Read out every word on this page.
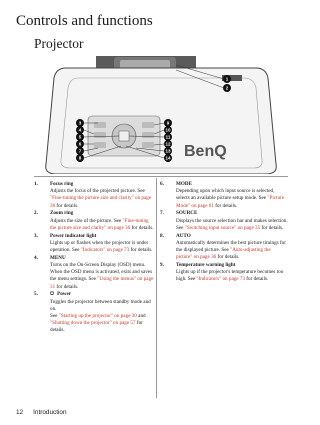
Controls and functions
Projector
BenQ
1
2
3
4
5
6
7
8
9
10
11
12
13
14
1. Focus ring
Adjusts the focus of the projected picture. See "Fine-tuning the picture size and clarity" on page 36 for details.
2. Zoom ring
Adjusts the size of the picture. See "Fine-tuning the picture size and clarity" on page 36 for details.
3. Power indicator light
Lights up or flashes when the projector is under operation. See "Indicators" on page 73 for details.
4. MENU
Turns on the On-Screen Display (OSD) menu. When the OSD menu is activated, exits and saves the menu settings. See "Using the menus" on page 31 for details.
5. ⏻ Power
Toggles the projector between standby mode and on.
See "Starting up the projector" on page 30 and "Shutting down the projector" on page 57 for details.
6. MODE
Depending upon which input source is selected, selects an available picture setup mode. See "Picture Mode" on page 61 for details.
7. SOURCE
Displays the source selection bar and makes selection. See "Switching input source" on page 35 for details.
8. AUTO
Automatically determines the best picture timings for the displayed picture. See "Auto-adjusting the picture" on page 36 for details.
9. Temperature warning light
Lights up if the projector's temperature becomes too high. See "Indicators" on page 73 for details.
12 Introduction
